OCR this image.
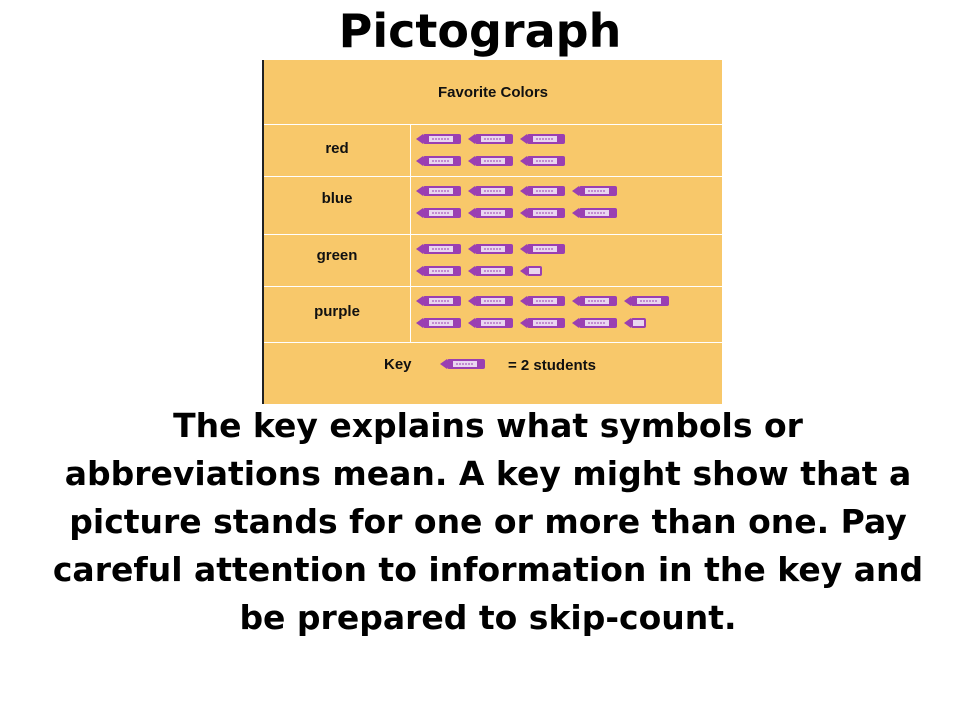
Pictograph
Favorite Colors
red
blue
green
purple
Key	= 2 students
The key explains what symbols or abbreviations mean. A key might show that a picture stands for one or more than one. Pay careful attention to information in the key and be prepared to skip-count.
